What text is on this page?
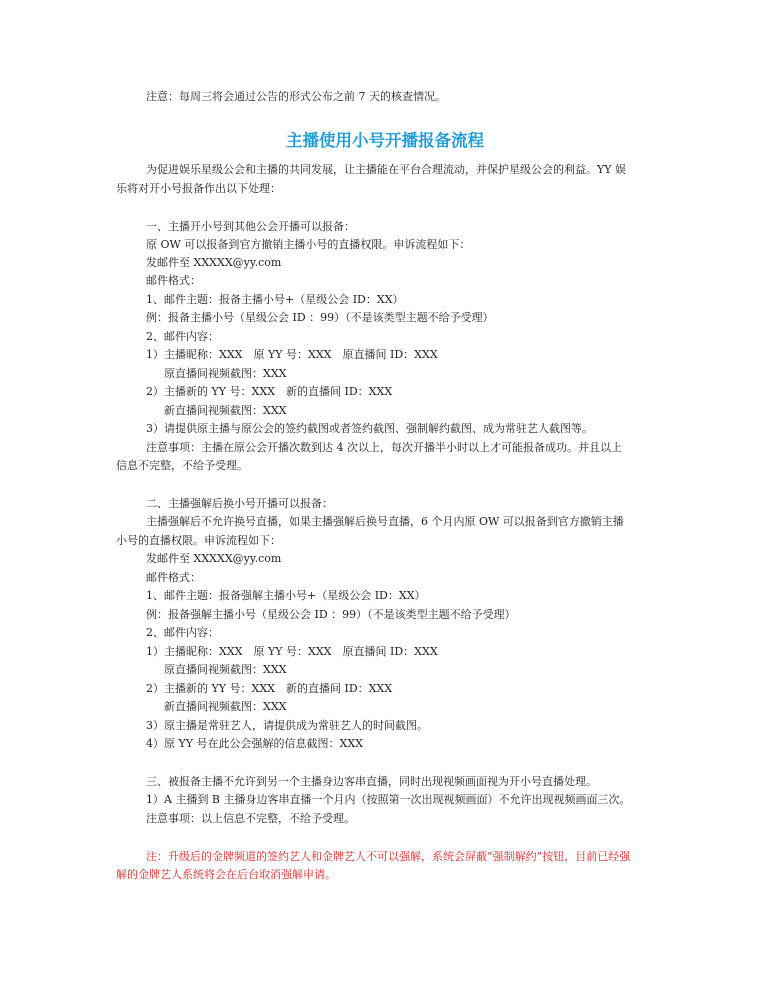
注意：每周三将会通过公告的形式公布之前 7 天的核查情况。
主播使用小号开播报备流程
为促进娱乐星级公会和主播的共同发展，让主播能在平台合理流动，并保护星级公会的利益。YY 娱
乐将对开小号报备作出以下处理：
一、主播开小号到其他公会开播可以报备：
原 OW 可以报备到官方撤销主播小号的直播权限。申诉流程如下：
发邮件至 XXXXX@yy.com
邮件格式：
1、邮件主题：报备主播小号+（星级公会 ID：XX）
例：报备主播小号（星级公会 ID ：99）（不是该类型主题不给予受理）
2、邮件内容：
1）主播昵称：XXX　原 YY 号：XXX　原直播间 ID：XXX
原直播间视频截图：XXX
2）主播新的 YY 号：XXX　新的直播间 ID：XXX
新直播间视频截图：XXX
3）请提供原主播与原公会的签约截图或者签约截图、强制解约截图、成为常驻艺人截图等。
注意事项：主播在原公会开播次数到达 4 次以上，每次开播半小时以上才可能报备成功。并且以上
信息不完整，不给予受理。
二、主播强解后换小号开播可以报备：
主播强解后不允许换号直播，如果主播强解后换号直播，6 个月内原 OW 可以报备到官方撤销主播
小号的直播权限。申诉流程如下：
发邮件至 XXXXX@yy.com
邮件格式：
1、邮件主题：报备强解主播小号+（星级公会 ID：XX）
例：报备强解主播小号（星级公会 ID ：99）（不是该类型主题不给予受理）
2、邮件内容：
1）主播昵称：XXX　原 YY 号：XXX　原直播间 ID：XXX
原直播间视频截图：XXX
2）主播新的 YY 号：XXX　新的直播间 ID：XXX
新直播间视频截图：XXX
3）原主播是常驻艺人，请提供成为常驻艺人的时间截图。
4）原 YY 号在此公会强解的信息截图：XXX
三、被报备主播不允许到另一个主播身边客串直播，同时出现视频画面视为开小号直播处理。
1）A 主播到 B 主播身边客串直播一个月内（按照第一次出现视频画面）不允许出现视频画面三次。
注意事项：以上信息不完整，不给予受理。
注：升级后的金牌频道的签约艺人和金牌艺人不可以强解，系统会屏蔽“强制解约”按钮，目前已经强
解的金牌艺人系统将会在后台取消强解申请。
